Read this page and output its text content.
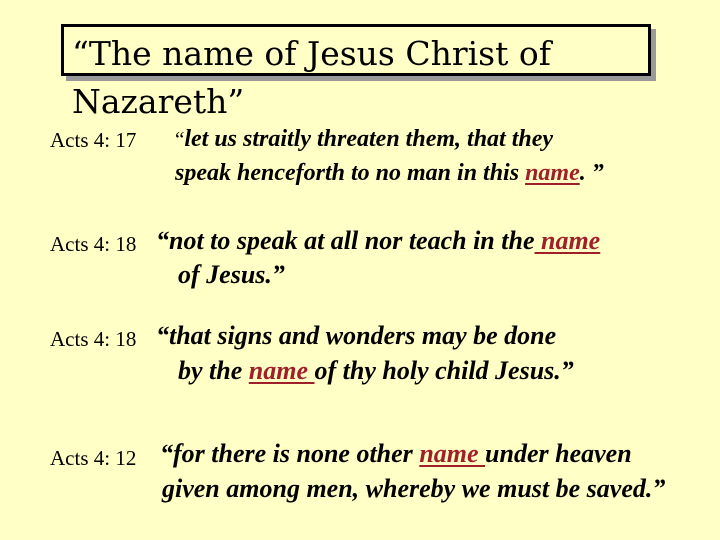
“The name of Jesus Christ of
Nazareth”
Acts 4: 17 “let us straitly threaten them, that they
speak henceforth to no man in this name. ”
Acts 4: 18 “not to speak at all nor teach in the name
of Jesus.”
Acts 4: 18 “that signs and wonders may be done
by the name of thy holy child Jesus.”
Acts 4: 12 “for there is none other name under heaven
given among men, whereby we must be saved.”
